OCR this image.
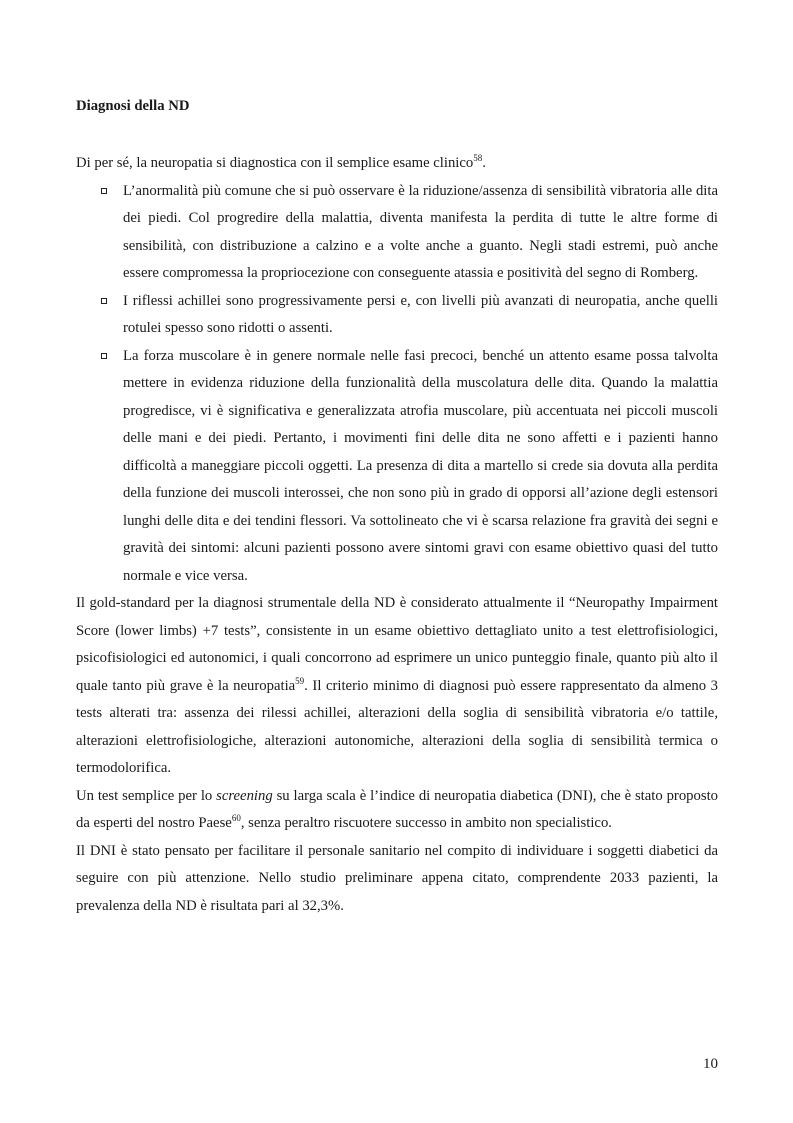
Diagnosi della ND

Di per sé, la neuropatia si diagnostica con il semplice esame clinico$^{58}$.

L’anormalità più comune che si può osservare è la riduzione/assenza di sensibilità vibratoria alle dita dei piedi. Col progredire della malattia, diventa manifesta la perdita di tutte le altre forme di sensibilità, con distribuzione a calzino e a volte anche a guanto. Negli stadi estremi, può anche essere compromessa la propriocezione con conseguente atassia e positività del segno di Romberg.
I riflessi achillei sono progressivamente persi e, con livelli più avanzati di neuropatia, anche quelli rotulei spesso sono ridotti o assenti.
La forza muscolare è in genere normale nelle fasi precoci, benché un attento esame possa talvolta mettere in evidenza riduzione della funzionalità della muscolatura delle dita. Quando la malattia progredisce, vi è significativa e generalizzata atrofia muscolare, più accentuata nei piccoli muscoli delle mani e dei piedi. Pertanto, i movimenti fini delle dita ne sono affetti e i pazienti hanno difficoltà a maneggiare piccoli oggetti. La presenza di dita a martello si crede sia dovuta alla perdita della funzione dei muscoli interossei, che non sono più in grado di opporsi all’azione degli estensori lunghi delle dita e dei tendini flessori. Va sottolineato che vi è scarsa relazione fra gravità dei segni e gravità dei sintomi: alcuni pazienti possono avere sintomi gravi con esame obiettivo quasi del tutto normale e vice versa.

Il gold-standard per la diagnosi strumentale della ND è considerato attualmente il “Neuropathy Impairment Score (lower limbs) +7 tests”, consistente in un esame obiettivo dettagliato unito a test elettrofisiologici, psicofisiologici ed autonomici, i quali concorrono ad esprimere un unico punteggio finale, quanto più alto il quale tanto più grave è la neuropatia$^{59}$. Il criterio minimo di diagnosi può essere rappresentato da almeno 3 tests alterati tra: assenza dei rilessi achillei, alterazioni della soglia di sensibilità vibratoria e/o tattile, alterazioni elettrofisiologiche, alterazioni autonomiche, alterazioni della soglia di sensibilità termica o termodolorifica.

Un test semplice per lo screening su larga scala è l’indice di neuropatia diabetica (DNI), che è stato proposto da esperti del nostro Paese$^{60}$, senza peraltro riscuotere successo in ambito non specialistico.

Il DNI è stato pensato per facilitare il personale sanitario nel compito di individuare i soggetti diabetici da seguire con più attenzione. Nello studio preliminare appena citato, comprendente 2033 pazienti, la prevalenza della ND è risultata pari al 32,3%.

10
